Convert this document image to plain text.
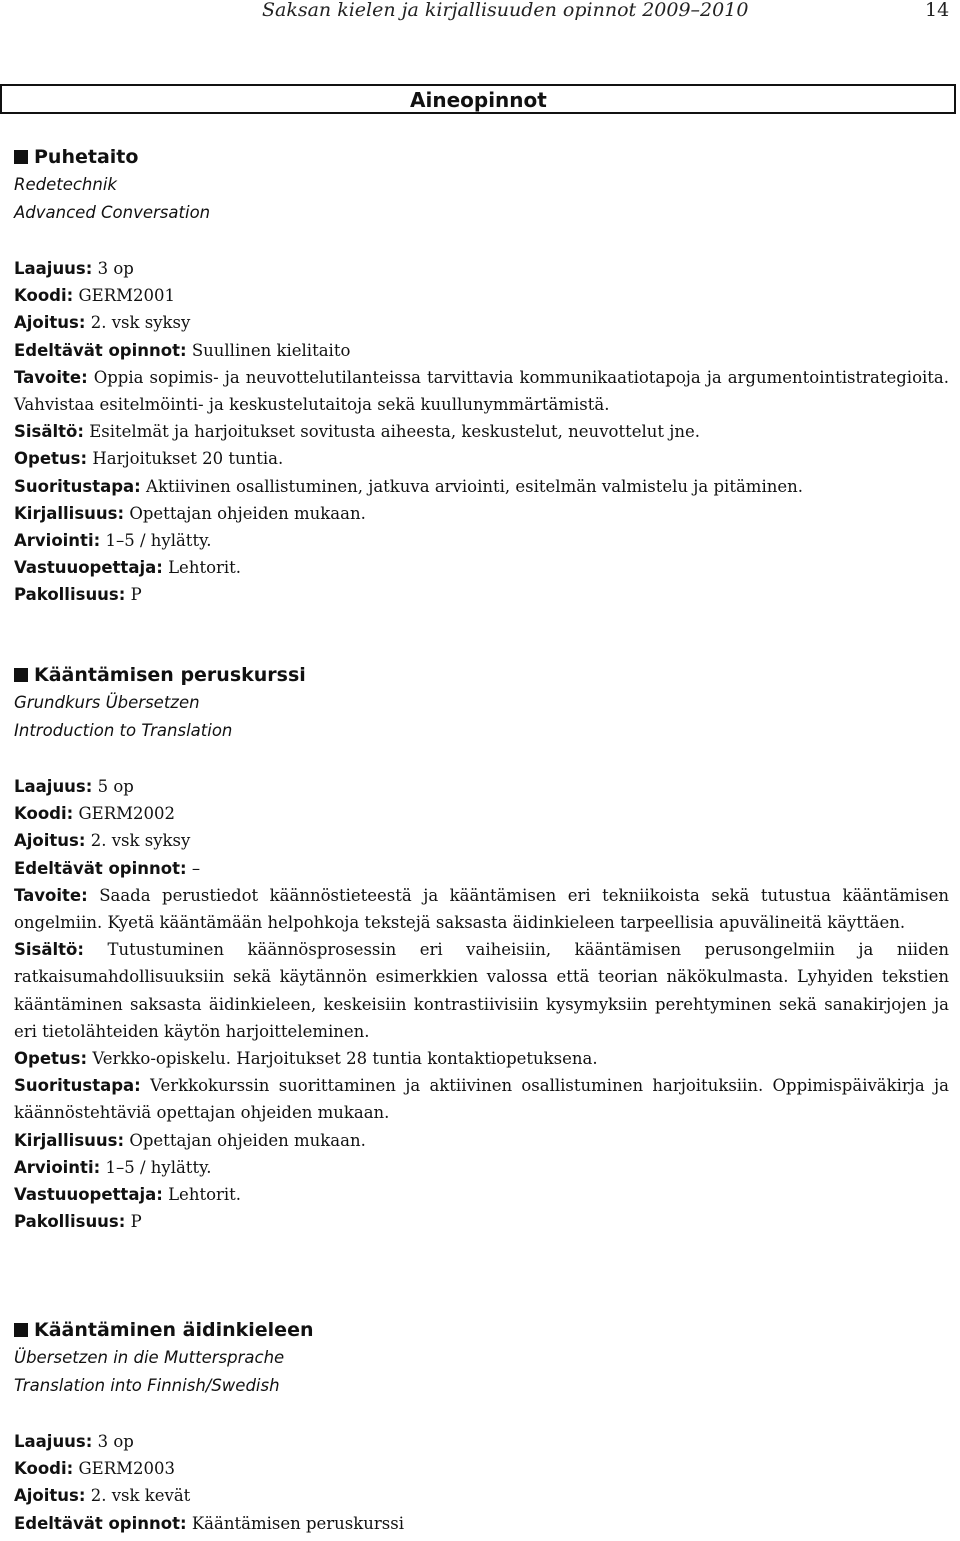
Saksan kielen ja kirjallisuuden opinnot 2009–2010	14
Aineopinnot
Puhetaito
Redetechnik
Advanced Conversation
Laajuus: 3 op
Koodi: GERM2001
Ajoitus: 2. vsk syksy
Edeltävät opinnot: Suullinen kielitaito
Tavoite: Oppia sopimis- ja neuvottelutilanteissa tarvittavia kommunikaatiotapoja ja argumentointistrategioita. Vahvistaa esitelmöinti- ja keskustelutaitoja sekä kuullunymmärtämistä.
Sisältö: Esitelmät ja harjoitukset sovitusta aiheesta, keskustelut, neuvottelut jne.
Opetus: Harjoitukset 20 tuntia.
Suoritustapa: Aktiivinen osallistuminen, jatkuva arviointi, esitelmän valmistelu ja pitäminen.
Kirjallisuus: Opettajan ohjeiden mukaan.
Arviointi: 1–5 / hylätty.
Vastuuopettaja: Lehtorit.
Pakollisuus: P
Kääntämisen peruskurssi
Grundkurs Übersetzen
Introduction to Translation
Laajuus: 5 op
Koodi: GERM2002
Ajoitus: 2. vsk syksy
Edeltävät opinnot: –
Tavoite: Saada perustiedot käännöstieteestä ja kääntämisen eri tekniikoista sekä tutustua kääntämisen ongelmiin. Kyetä kääntämään helpohkoja tekstejä saksasta äidinkieleen tarpeellisia apuvälineitä käyttäen.
Sisältö: Tutustuminen käännösprosessin eri vaiheisiin, kääntämisen perusongelmiin ja niiden ratkaisumahdollisuuksiin sekä käytännön esimerkkien valossa että teorian näkökulmasta. Lyhyiden tekstien kääntäminen saksasta äidinkieleen, keskeisiin kontrastiivisiin kysymyksiin perehtyminen sekä sanakirjojen ja eri tietolähteiden käytön harjoitteleminen.
Opetus: Verkko-opiskelu. Harjoitukset 28 tuntia kontaktiopetuksena.
Suoritustapa: Verkkokurssin suorittaminen ja aktiivinen osallistuminen harjoituksiin. Oppimispäiväkirja ja käännöstehtäviä opettajan ohjeiden mukaan.
Kirjallisuus: Opettajan ohjeiden mukaan.
Arviointi: 1–5 / hylätty.
Vastuuopettaja: Lehtorit.
Pakollisuus: P
Kääntäminen äidinkieleen
Übersetzen in die Muttersprache
Translation into Finnish/Swedish
Laajuus: 3 op
Koodi: GERM2003
Ajoitus: 2. vsk kevät
Edeltävät opinnot: Kääntämisen peruskurssi
